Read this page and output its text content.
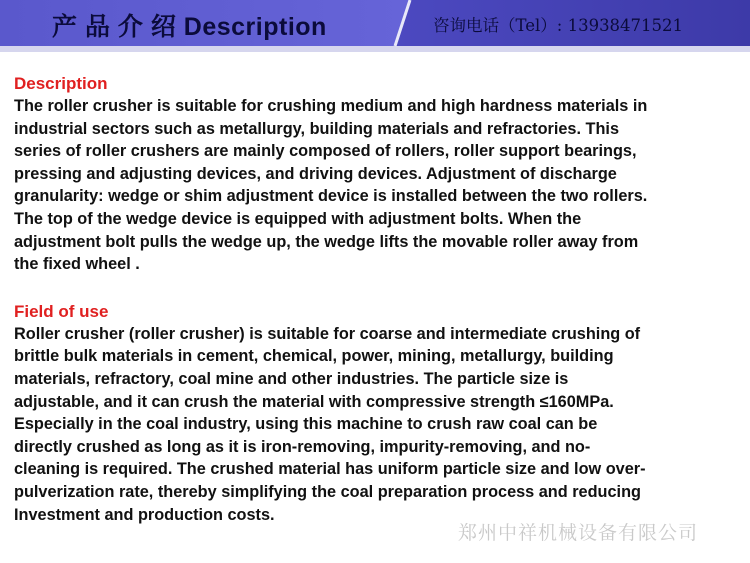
产 品 介 绍 Description	咨询电话（Tel）: 13938471521
Description
The roller crusher is suitable for crushing medium and high hardness materials in
industrial sectors such as metallurgy, building materials and refractories. This
series of roller crushers are mainly composed of rollers, roller support bearings,
pressing and adjusting devices, and driving devices. Adjustment of discharge
granularity: wedge or shim adjustment device is installed between the two rollers.
The top of the wedge device is equipped with adjustment bolts. When the
adjustment bolt pulls the wedge up, the wedge lifts the movable roller away from
the fixed wheel .
Field of use
Roller crusher (roller crusher) is suitable for coarse and intermediate crushing of
brittle bulk materials in cement, chemical, power, mining, metallurgy, building
materials, refractory, coal mine and other industries. The particle size is
adjustable, and it can crush the material with compressive strength ≤160MPa.
Especially in the coal industry, using this machine to crush raw coal can be
directly crushed as long as it is iron-removing, impurity-removing, and no-
cleaning is required. The crushed material has uniform particle size and low over-
pulverization rate, thereby simplifying the coal preparation process and reducing
Investment and production costs.
郑州中祥机械设备有限公司
